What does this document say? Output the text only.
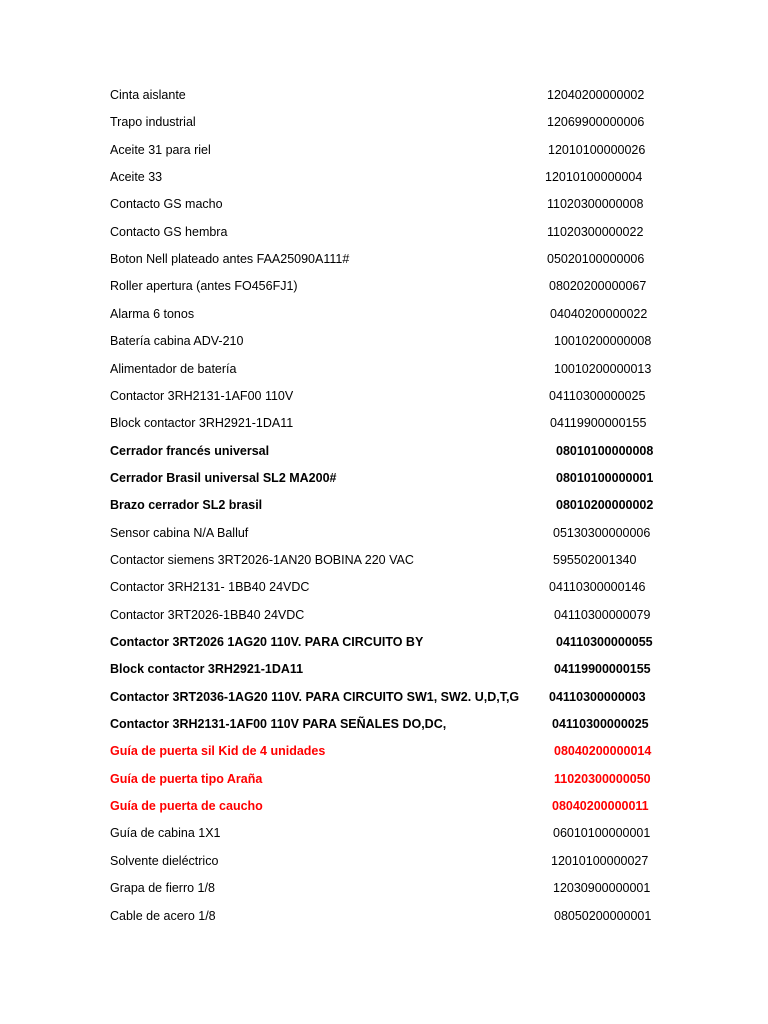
Cinta aislante	12040200000002
Trapo industrial	12069900000006
Aceite 31 para riel	12010100000026
Aceite 33	12010100000004
Contacto GS macho	11020300000008
Contacto GS hembra	11020300000022
Boton Nell plateado antes FAA25090A111#	05020100000006
Roller apertura (antes FO456FJ1)	08020200000067
Alarma 6 tonos	04040200000022
Batería cabina ADV-210	10010200000008
Alimentador de batería	10010200000013
Contactor 3RH2131-1AF00 110V	04110300000025
Block contactor 3RH2921-1DA11	04119900000155
Cerrador francés universal	08010100000008
Cerrador Brasil universal SL2 MA200#	08010100000001
Brazo cerrador SL2 brasil	08010200000002
Sensor cabina N/A Balluf	05130300000006
Contactor siemens 3RT2026-1AN20 BOBINA 220 VAC	595502001340
Contactor 3RH2131- 1BB40 24VDC	04110300000146
Contactor 3RT2026-1BB40 24VDC	04110300000079
Contactor 3RT2026 1AG20 110V. PARA CIRCUITO BY	04110300000055
Block contactor 3RH2921-1DA11	04119900000155
Contactor 3RT2036-1AG20 110V. PARA CIRCUITO SW1, SW2. U,D,T,G 04110300000003
Contactor 3RH2131-1AF00 110V PARA SEÑALES DO,DC,	04110300000025
Guía de puerta sil Kid de 4 unidades	08040200000014
Guía de puerta tipo Araña	11020300000050
Guía de puerta de caucho	08040200000011
Guía de cabina 1X1	06010100000001
Solvente dieléctrico	12010100000027
Grapa de fierro 1/8	12030900000001
Cable de acero 1/8	08050200000001
